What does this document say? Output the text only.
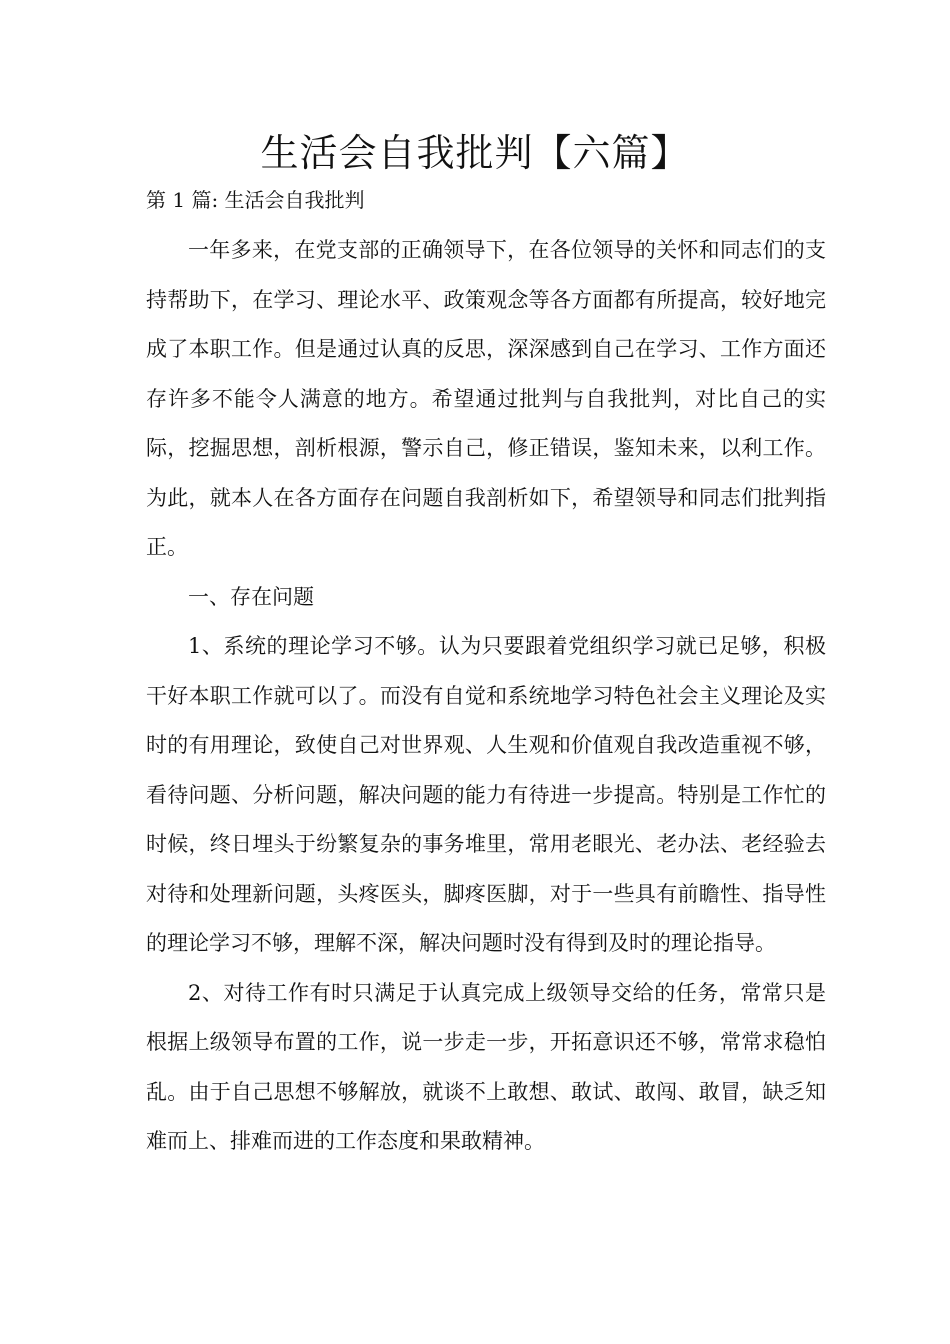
生活会自我批判【六篇】
第 1 篇: 生活会自我批判

一年多来，在党支部的正确领导下，在各位领导的关怀和同志们的支持帮助下，在学习、理论水平、政策观念等各方面都有所提高，较好地完成了本职工作。但是通过认真的反思，深深感到自己在学习、工作方面还存许多不能令人满意的地方。希望通过批判与自我批判，对比自己的实际，挖掘思想，剖析根源，警示自己，修正错误，鉴知未来，以利工作。为此，就本人在各方面存在问题自我剖析如下，希望领导和同志们批判指正。

一、存在问题

1、系统的理论学习不够。认为只要跟着党组织学习就已足够，积极干好本职工作就可以了。而没有自觉和系统地学习特色社会主义理论及实时的有用理论，致使自己对世界观、人生观和价值观自我改造重视不够，看待问题、分析问题，解决问题的能力有待进一步提高。特别是工作忙的时候，终日埋头于纷繁复杂的事务堆里，常用老眼光、老办法、老经验去对待和处理新问题，头疼医头，脚疼医脚，对于一些具有前瞻性、指导性的理论学习不够，理解不深，解决问题时没有得到及时的理论指导。

2、对待工作有时只满足于认真完成上级领导交给的任务，常常只是根据上级领导布置的工作，说一步走一步，开拓意识还不够，常常求稳怕乱。由于自己思想不够解放，就谈不上敢想、敢试、敢闯、敢冒，缺乏知难而上、排难而进的工作态度和果敢精神。
